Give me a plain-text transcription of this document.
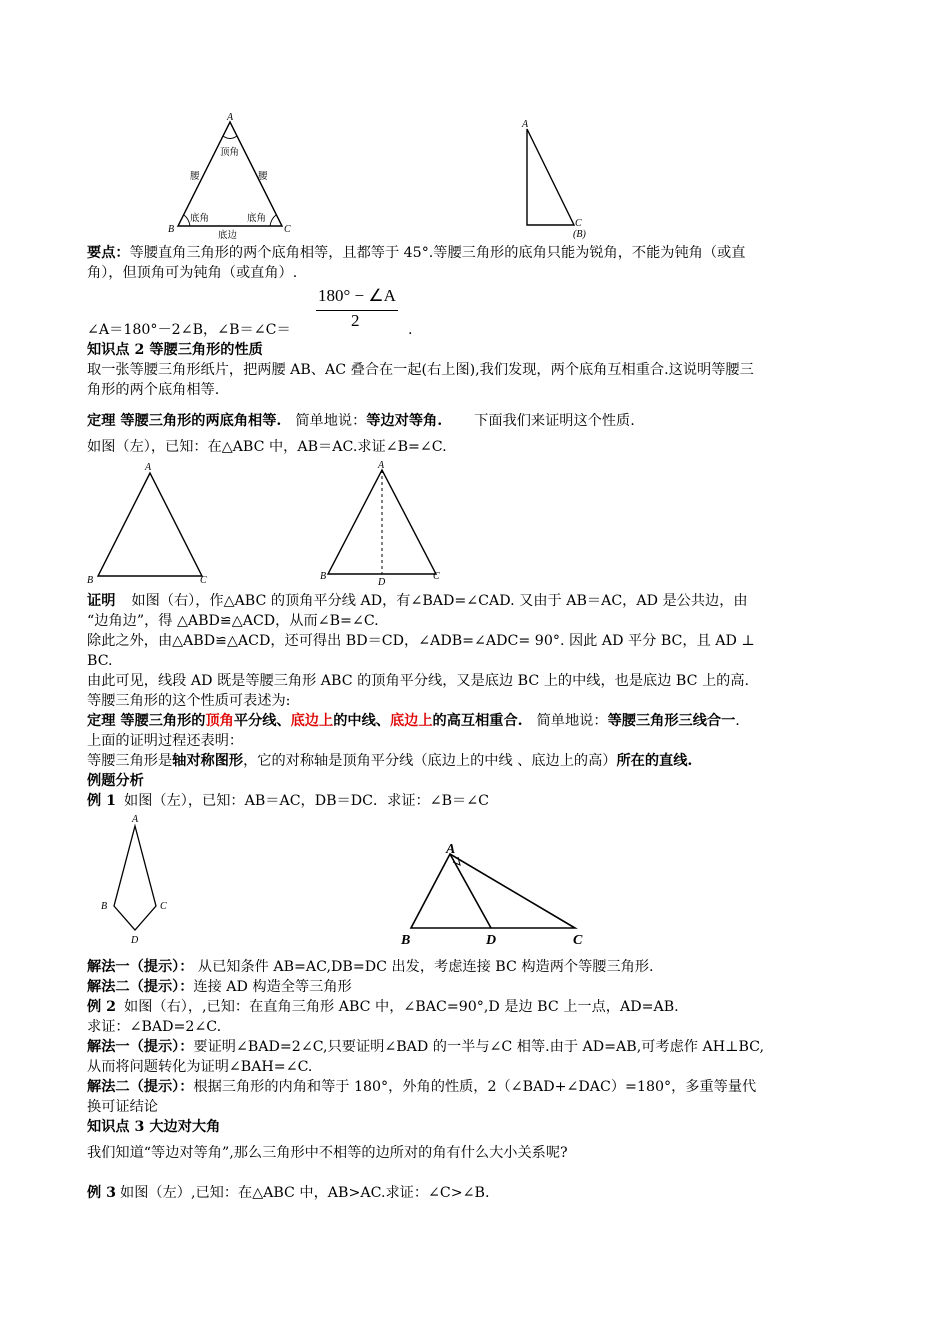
A
B	C
顶角
腰	腰
底角	底角
底边
A
C
(B)
要点：等腰直角三角形的两个底角相等，且都等于 45°.等腰三角形的底角只能为锐角，不能为钝角（或直
角），但顶角可为钝角（或直角）.
180° − ∠A
2
∠A＝180°－2∠B，∠B＝∠C＝	.
知识点 2 等腰三角形的性质
取一张等腰三角形纸片，把两腰 AB、AC 叠合在一起(右上图),我们发现，两个底角互相重合.这说明等腰三
角形的两个底角相等.
定理 等腰三角形的两底角相等. 简单地说：等边对等角. 下面我们来证明这个性质.
如图（左），已知：在△ABC 中，AB＝AC.求证∠B=∠C.
A
B	C
A
B
D
C
证明 如图（右），作△ABC 的顶角平分线 AD，有∠BAD=∠CAD. 又由于 AB＝AC，AD 是公共边，由
“边角边”，得 △ABD≌△ACD，从而∠B=∠C.
除此之外，由△ABD≌△ACD，还可得出 BD＝CD，∠ADB=∠ADC= 90°. 因此 AD 平分 BC，且 AD ⊥
BC.
由此可见，线段 AD 既是等腰三角形 ABC 的顶角平分线，又是底边 BC 上的中线，也是底边 BC 上的高.
等腰三角形的这个性质可表述为:
定理 等腰三角形的顶角平分线、底边上的中线、底边上的高互相重合. 简单地说：等腰三角形三线合一.
上面的证明过程还表明：
等腰三角形是轴对称图形，它的对称轴是顶角平分线（底边上的中线 、底边上的高）所在的直线.
例题分析
例 1 如图（左），已知：AB＝AC，DB＝DC．求证：∠B＝∠C
A
B	C
D
A
B	D	C
解法一（提示）： 从已知条件 AB=AC,DB=DC 出发，考虑连接 BC 构造两个等腰三角形.
解法二（提示）：连接 AD 构造全等三角形
例 2 如图（右），,已知：在直角三角形 ABC 中，∠BAC=90°,D 是边 BC 上一点，AD=AB.
求证：∠BAD=2∠C.
解法一（提示）：要证明∠BAD=2∠C,只要证明∠BAD 的一半与∠C 相等.由于 AD=AB,可考虑作 AH⊥BC,
从而将问题转化为证明∠BAH=∠C.
解法二（提示）：根据三角形的内角和等于 180°，外角的性质，2（∠BAD+∠DAC）=180°，多重等量代
换可证结论
知识点 3 大边对大角
我们知道“等边对等角”,那么三角形中不相等的边所对的角有什么大小关系呢?
例 3 如图（左）,已知：在△ABC 中，AB>AC.求证：∠C>∠B.
